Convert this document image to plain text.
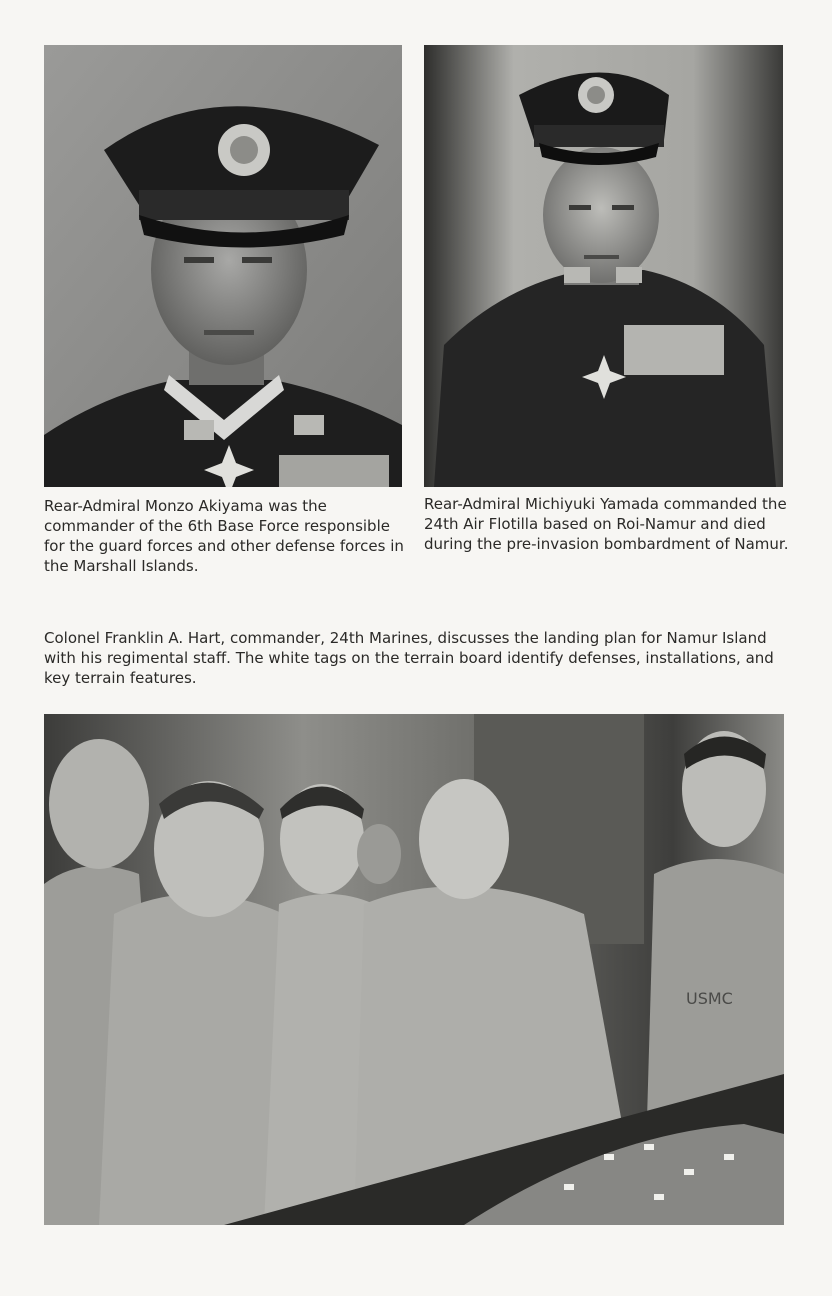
Rear-Admiral Monzo Akiyama was the commander of the 6th Base Force responsible for the guard forces and other defense forces in the Marshall Islands.

Rear-Admiral Michiyuki Yamada commanded the 24th Air Flotilla based on Roi-Namur and died during the pre-invasion bombardment of Namur.

Colonel Franklin A. Hart, commander, 24th Marines, discusses the landing plan for Namur Island with his regimental staff. The white tags on the terrain board identify defenses, installations, and key terrain features.

USMC
